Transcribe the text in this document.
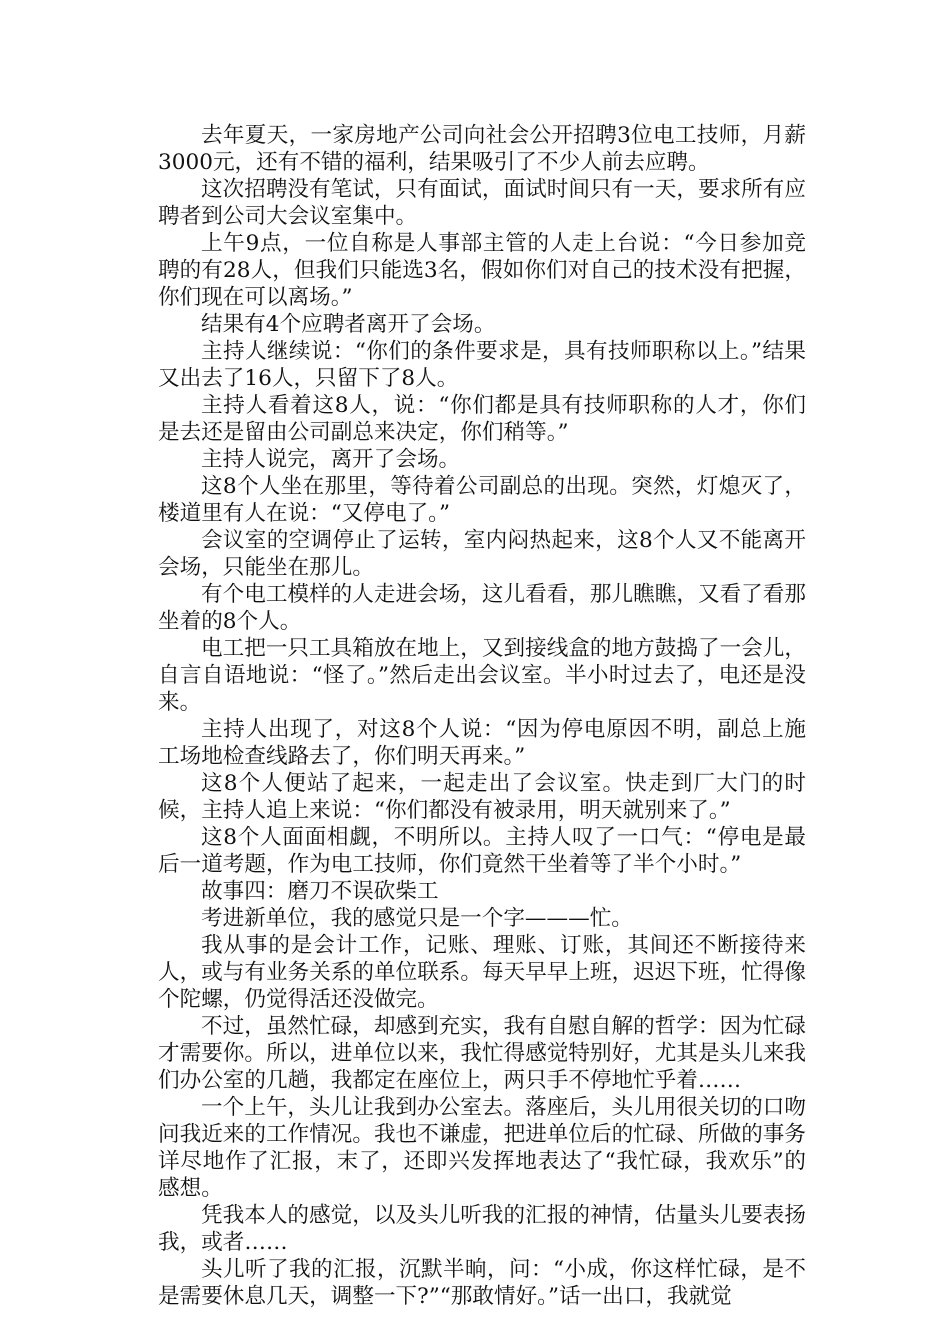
去年夏天，一家房地产公司向社会公开招聘3位电工技师，月薪3000元，还有不错的福利，结果吸引了不少人前去应聘。

这次招聘没有笔试，只有面试，面试时间只有一天，要求所有应聘者到公司大会议室集中。

上午9点，一位自称是人事部主管的人走上台说：“今日参加竞聘的有28人，但我们只能选3名，假如你们对自己的技术没有把握，你们现在可以离场。”

结果有4个应聘者离开了会场。

主持人继续说：“你们的条件要求是，具有技师职称以上。”结果又出去了16人，只留下了8人。

主持人看着这8人，说：“你们都是具有技师职称的人才，你们是去还是留由公司副总来决定，你们稍等。”

主持人说完，离开了会场。

这8个人坐在那里，等待着公司副总的出现。突然，灯熄灭了，楼道里有人在说：“又停电了。”

会议室的空调停止了运转，室内闷热起来，这8个人又不能离开会场，只能坐在那儿。

有个电工模样的人走进会场，这儿看看，那儿瞧瞧，又看了看那坐着的8个人。

电工把一只工具箱放在地上，又到接线盒的地方鼓捣了一会儿，自言自语地说：“怪了。”然后走出会议室。半小时过去了，电还是没来。

主持人出现了，对这8个人说：“因为停电原因不明，副总上施工场地检查线路去了，你们明天再来。”

这8个人便站了起来，一起走出了会议室。快走到厂大门的时候，主持人追上来说：“你们都没有被录用，明天就别来了。”

这8个人面面相觑，不明所以。主持人叹了一口气：“停电是最后一道考题，作为电工技师，你们竟然干坐着等了半个小时。”

故事四：磨刀不误砍柴工

考进新单位，我的感觉只是一个字———忙。

我从事的是会计工作，记账、理账、订账，其间还不断接待来人，或与有业务关系的单位联系。每天早早上班，迟迟下班，忙得像个陀螺，仍觉得活还没做完。

不过，虽然忙碌，却感到充实，我有自慰自解的哲学：因为忙碌才需要你。所以，进单位以来，我忙得感觉特别好，尤其是头儿来我们办公室的几趟，我都定在座位上，两只手不停地忙乎着……

一个上午，头儿让我到办公室去。落座后，头儿用很关切的口吻问我近来的工作情况。我也不谦虚，把进单位后的忙碌、所做的事务详尽地作了汇报，末了，还即兴发挥地表达了“我忙碌，我欢乐”的感想。

凭我本人的感觉，以及头儿听我的汇报的神情，估量头儿要表扬我，或者……

头儿听了我的汇报，沉默半晌，问：“小成，你这样忙碌，是不是需要休息几天，调整一下?”“那敢情好。”话一出口，我就觉
